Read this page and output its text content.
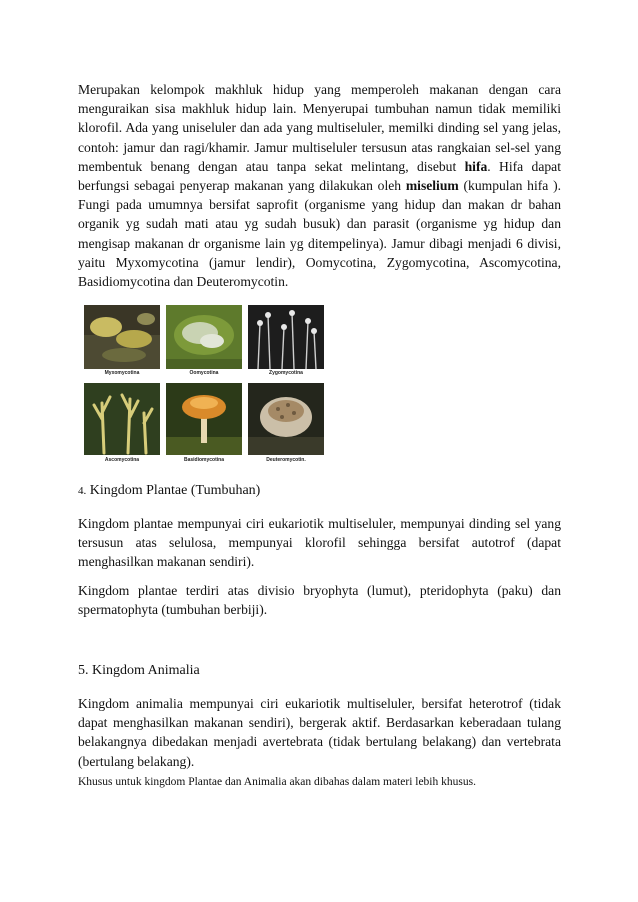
Merupakan kelompok makhluk hidup yang memperoleh makanan dengan cara menguraikan sisa makhluk hidup lain. Menyerupai tumbuhan namun tidak memiliki klorofil. Ada yang uniseluler dan ada yang multiseluler, memilki dinding sel yang jelas, contoh: jamur dan ragi/khamir. Jamur multiseluler tersusun atas rangkaian sel-sel yang membentuk benang dengan atau tanpa sekat melintang, disebut hifa. Hifa dapat berfungsi sebagai penyerap makanan yang dilakukan oleh miselium (kumpulan hifa ). Fungi pada umumnya bersifat saprofit (organisme yang hidup dan makan dr bahan organik yg sudah mati atau yg sudah busuk) dan parasit (organisme yg hidup dan mengisap makanan dr organisme lain yg ditempelinya). Jamur dibagi menjadi 6 divisi, yaitu Myxomycotina (jamur lendir), Oomycotina, Zygomycotina, Ascomycotina, Basidiomycotina dan Deuteromycotin.

Myxomycotina	Oomycotina	Zygomycotina
Ascomycotina	Basidiomycotina	Deuteromycotin.

4. Kingdom Plantae (Tumbuhan)

Kingdom plantae mempunyai ciri eukariotik multiseluler, mempunyai dinding sel yang tersusun atas selulosa, mempunyai klorofil sehingga bersifat autotrof (dapat menghasilkan makanan sendiri).

Kingdom plantae terdiri atas divisio bryophyta (lumut), pteridophyta (paku) dan spermatophyta (tumbuhan berbiji).

5. Kingdom Animalia

Kingdom animalia mempunyai ciri eukariotik multiseluler, bersifat heterotrof (tidak dapat menghasilkan makanan sendiri), bergerak aktif. Berdasarkan keberadaan tulang belakangnya dibedakan menjadi avertebrata (tidak bertulang belakang) dan vertebrata (bertulang belakang).

Khusus untuk kingdom Plantae dan Animalia akan dibahas dalam materi lebih khusus.
